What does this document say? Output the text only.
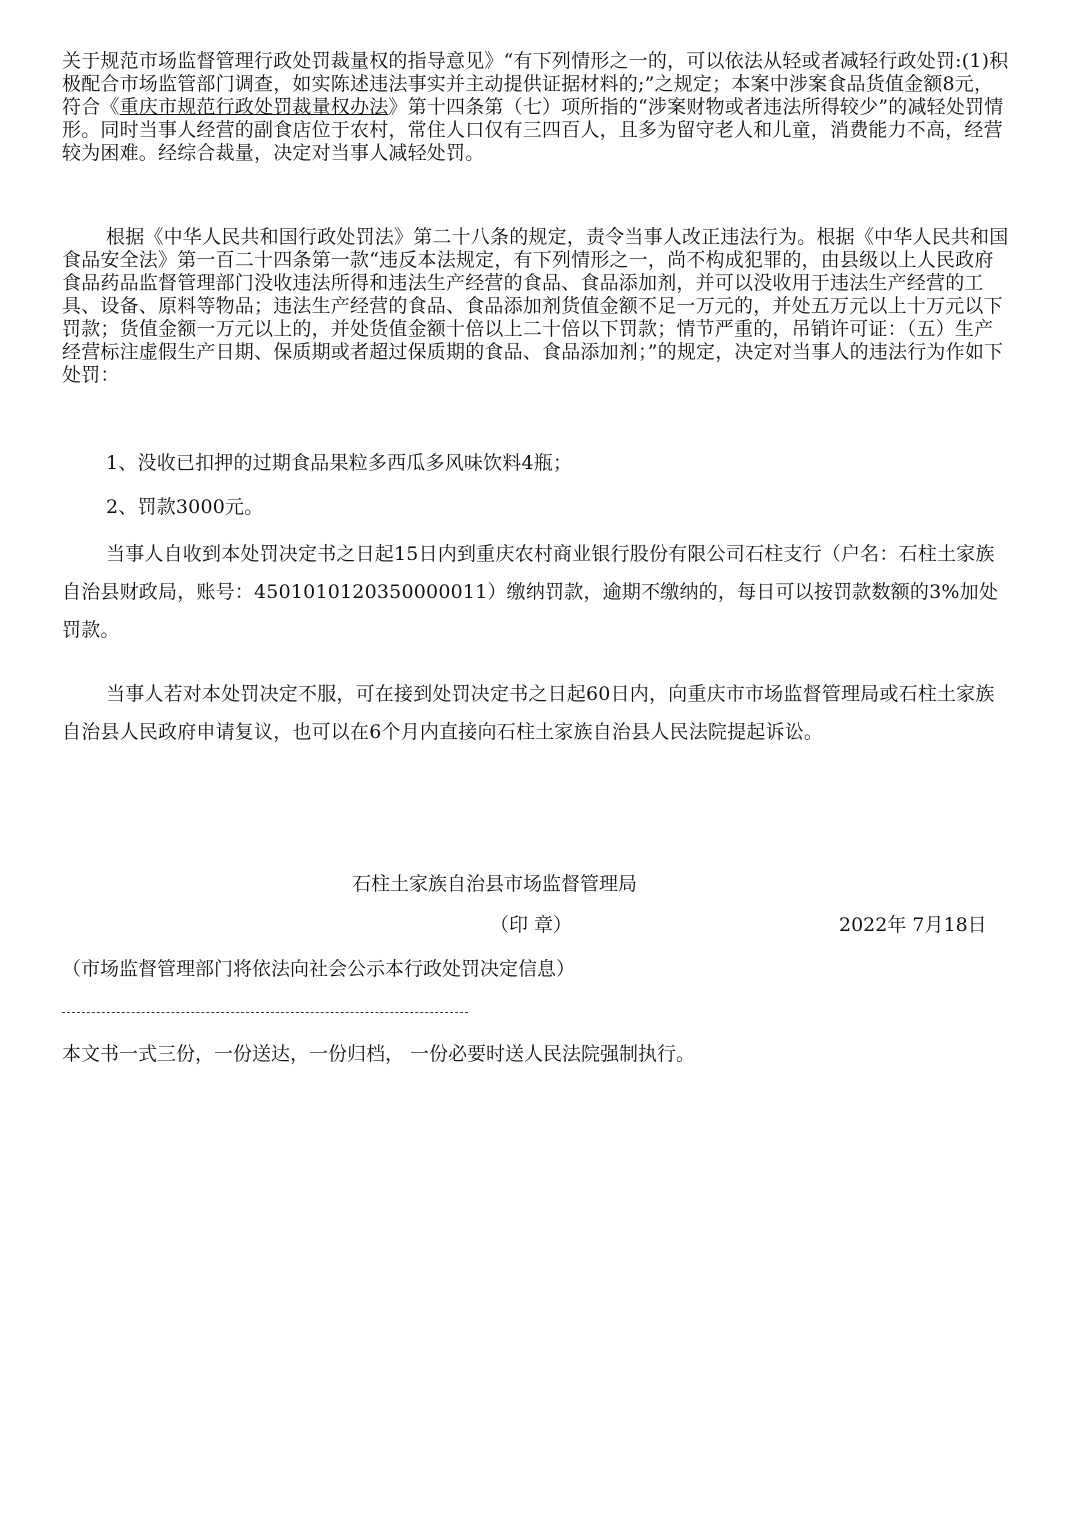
关于规范市场监督管理行政处罚裁量权的指导意见》“有下列情形之一的，可以依法从轻或者减轻行政处罚:(1)积极配合市场监管部门调查，如实陈述违法事实并主动提供证据材料的;”之规定；本案中涉案食品货值金额8元，符合《重庆市规范行政处罚裁量权办法》第十四条第（七）项所指的“涉案财物或者违法所得较少”的减轻处罚情形。同时当事人经营的副食店位于农村，常住人口仅有三四百人，且多为留守老人和儿童，消费能力不高，经营较为困难。经综合裁量，决定对当事人减轻处罚。

根据《中华人民共和国行政处罚法》第二十八条的规定，责令当事人改正违法行为。根据《中华人民共和国食品安全法》第一百二十四条第一款“违反本法规定，有下列情形之一，尚不构成犯罪的，由县级以上人民政府食品药品监督管理部门没收违法所得和违法生产经营的食品、食品添加剂，并可以没收用于违法生产经营的工具、设备、原料等物品；违法生产经营的食品、食品添加剂货值金额不足一万元的，并处五万元以上十万元以下罚款；货值金额一万元以上的，并处货值金额十倍以上二十倍以下罚款；情节严重的，吊销许可证：（五）生产经营标注虚假生产日期、保质期或者超过保质期的食品、食品添加剂；”的规定，决定对当事人的违法行为作如下处罚：

1、没收已扣押的过期食品果粒多西瓜多风味饮料4瓶；

2、罚款3000元。

当事人自收到本处罚决定书之日起15日内到重庆农村商业银行股份有限公司石柱支行（户名：石柱土家族自治县财政局，账号：4501010120350000011）缴纳罚款，逾期不缴纳的，每日可以按罚款数额的3%加处罚款。

当事人若对本处罚决定不服，可在接到处罚决定书之日起60日内，向重庆市市场监督管理局或石柱土家族自治县人民政府申请复议，也可以在6个月内直接向石柱土家族自治县人民法院提起诉讼。

石柱土家族自治县市场监督管理局

（印 章）	2022年 7月18日

（市场监督管理部门将依法向社会公示本行政处罚决定信息）

本文书一式三份，一份送达，一份归档， 一份必要时送人民法院强制执行。
